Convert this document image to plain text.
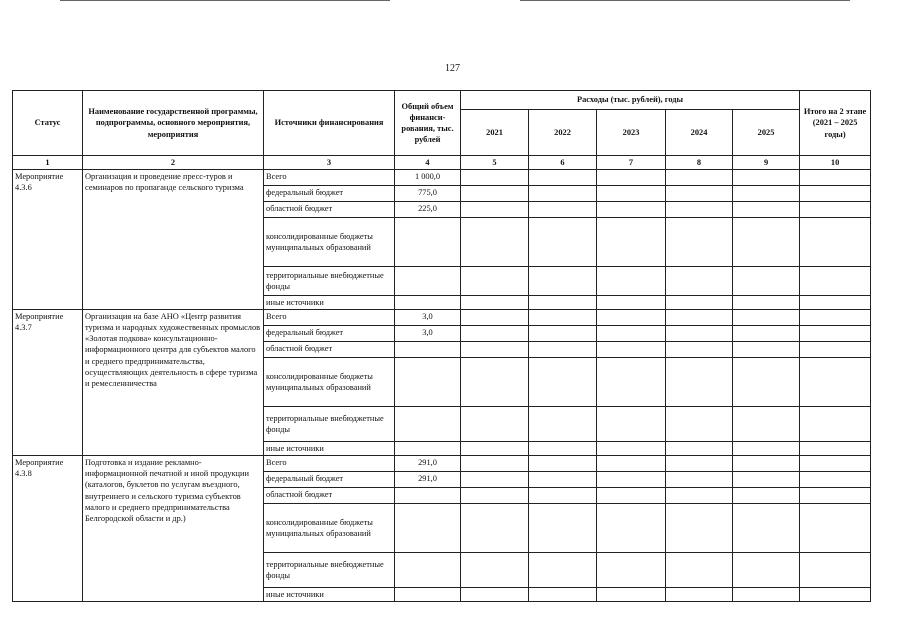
127
Статус	Наименование государственной программы, подпрограммы, основного мероприятия, мероприятия	Источники финансирования	Общий объем финанси-рования, тыс. рублей	Расходы (тыс. рублей), годы					Итого на 2 этапе (2021 – 2025 годы)
				2021	2022	2023	2024	2025	
1	2	3	4	5	6	7	8	9	10
Мероприятие 4.3.6	Организация и проведение пресс-туров и семинаров по пропаганде сельского туризма	Всего	1 000,0						
		федеральный бюджет	775,0						
		областной бюджет	225,0						
		консолидированные бюджеты муниципальных образований							
		территориальные внебюджетные фонды							
		иные источники							
Мероприятие 4.3.7	Организация на базе АНО «Центр развития туризма и народных художественных промыслов «Золотая подкова» консультационно-информационного центра для субъектов малого и среднего предпринимательства, осуществляющих деятельность в сфере туризма и ремесленничества	Всего	3,0						
		федеральный бюджет	3,0						
		областной бюджет							
		консолидированные бюджеты муниципальных образований							
		территориальные внебюджетные фонды							
		иные источники							
Мероприятие 4.3.8	Подготовка и издание рекламно-информационной печатной и иной продукции (каталогов, буклетов по услугам въездного, внутреннего и сельского туризма субъектов малого и среднего предпринимательства Белгородской области и др.)	Всего	291,0						
		федеральный бюджет	291,0						
		областной бюджет							
		консолидированные бюджеты муниципальных образований							
		территориальные внебюджетные фонды							
		иные источники							
